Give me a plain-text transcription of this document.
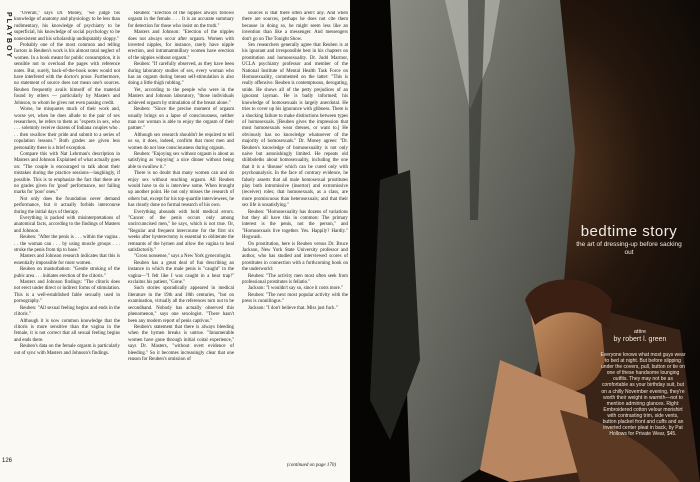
PLAYBOY	"Overall," says Dr. Money, "we judge his knowledge of anatomy and physiology to be less than rudimentary, his knowledge of psychiatry to be superficial, his knowledge of social psychology to be nonexistent and his scholarship undisputably sloppy."

Probably one of the most common and telling factors in Reuben's work is his almost total neglect of women. In a book meant for public consumption, it is sensible not to overload the pages with reference notes. But, surely, back-of-the-book notes would not have interfered with the doctor's prose. Furthermore, no statement of source does not mean one's sources. Reuben frequently avails himself of the material found by others — particularly by Masters and Johnson, to whom he gives not even passing credit.

Worse, he misquotes much of their work and, worse yet, when he does allude to the pair of sex researchers, he refers to them as "experts in sex, who . . . solemnly receive dozens of Indiana couples who . . . then swallow their pride and submit to a series of copulation lessons." Both grades are given less personality there is a brief exception.

Compare this with Nat Lehrman's description in Masters and Johnson Explained of what actually goes on: "The couple is encouraged to talk about their mistakes during the practice sessions—laughingly, if possible. This is to emphasize the fact that there are no grades given for 'good' performance, nor failing marks for 'poor' ones."

Not only does the foundation never demand performance, but it actually forbids intercourse during the initial days of therapy.

Everything is packed with misinterpretations of anatomical facts, according to the findings of Masters and Johnson.

Reuben: "After the penis is . . . within the vagina . . . the woman can . . . by using muscle groups . . . stroke the penis from tip to base."

Masters and Johnson research indicates that this is essentially impossible for most women.

Reuben on masturbation: "Gentle stroking of the pubic area . . . initiates erection of the clitoris."

Masters and Johnson findings: "The clitoris does not erect under direct or indirect forms of stimulation. This is a well-established fable sexually used in pornography."

Reuben: "All sexual feeling begins and ends in the clitoris."

Although it is now common knowledge that the clitoris is more sensitive than the vagina in the female, it is not correct that all sexual feeling begins and ends there.

Reuben's data on the female orgasm is particularly out of sync with Masters and Johnson's findings.

Reuben: "Erection of the nipples always follows orgasm in the female. . . . It is an accurate summary for detection for those who insist on the truth."

Masters and Johnson: "Erection of the nipples does not always occur after orgasm. Women with inverted nipples, for instance, rarely have nipple erection, and intramammillary women have erection of the nipples without orgasm."

Reuben: "If carefully observed, as they have been during laboratory studies of sex, every woman who has an orgasm during breast self-stimulation is also doing a little thigh rubbing."

Yet, according to the people who were in the Masters and Johnson laboratory, "those individuals achieved orgasm by stimulation of the breast alone."

Reuben: "Since the precise moment of orgasm usually brings on a lapse of consciousness, neither man nor woman is able to enjoy the orgasm of their partner."

Although sex research shouldn't be required to tell us so, it does, indeed, confirm that most men and women do not lose consciousness during orgasm.

Reuben: "Enjoying sex without orgasm is about as satisfying as 'enjoying' a nice dinner without being able to swallow it."

There is no doubt that many women can and do enjoy sex without reaching orgasm. All Reuben would have to do is interview some. When brought up another point. He not only misses the research of others but, except for his top-quartile interviewees, he has clearly done no formal research of his own.

Everything abounds with bold medical errors. "Cancer of the penis occurs only among uncircumcised men," he says, which is not true. Or, "Regular and frequent intercourse for the first six weeks after hysterectomy is essential to obliterate the remnants of the hymen and allow the vagina to heal satisfactorily."

"Gross nonsense," says a New York gynecologist.

Reuben has a great deal of fun describing an instance in which the male penis is "caught" in the vagina—"I felt like I was caught in a bear trap!" exclaims his patient, "Gone."

Such stories sporadically appeared in medical literature in the 19th and 18th centuries, "but on examination, virtually all the references turn out to be secondhand. Nobody has actually observed this phenomenon," says one sexologist. "There hasn't been any modern report of penis captivus."

Reuben's statement that there is always bleeding when the hymen breaks is untrue. "Innumerable women have gone through initial coital experience," says Dr. Masters, "without overt evidence of bleeding." So it becomes increasingly clear that one reason for Reuben's omission of

sources is that there often aren't any. And when there are sources, perhaps he does not cite them because in doing so, he might seem less like an invention than like a messenger. And messengers don't go on The Tonight Show.

Sex researchers generally agree that Reuben is at his ignorant and irresponsible best in his chapters on prostitution and homosexuality. Dr. Judd Marmor, UCLA psychiatry professor and member of the National Institute of Mental Health Task Force on Homosexuality, commented on the latter: "This is really offensive. Reuben is contemptuous, derogating, snide. He shows all of the petty prejudices of an ignorant layman. He is badly informed; his knowledge of homosexuals is largely anecdotal. He tries to cover up his ignorance with glibness. There is a shocking failure to make distinctions between types of homosexuals. [Reuben gives the impression that most homosexuals wear dresses, or want to.] He obviously has no knowledge whatsoever of the majority of homosexuals." Dr. Money agrees: "Dr. Reuben's knowledge of homosexuality is not only naive but astonishingly limited. He repeats old shibboleths about homosexuality, including the one that it is a 'disease' which can be cured only with psychoanalysis. In the face of contrary evidence, he falsely asserts that all male homosexual prostitutes play both intromissive (insertor) and extromissive (receiver) roles; that homosexuals, as a class, are more promiscuous than heterosexuals; and that their sex life is unsatisfying."

Reuben: "Homosexuality has dozens of variations but they all have this in common: The primary interest is the penis, not the person," and "Homosexuals live together. Yes. Happily? Hardly." Hogwash.

On prostitution, here is Reuben versus Dr. Bruce Jackson, New York State University professor and author, who has studied and interviewed scores of prostitutes in connection with a forthcoming book on the underworld:

Reuben: "The activity men most often seek from professional prostitutes is fellatio."

Jackson: "I wouldn't say so, since it costs more."

Reuben: "The next most popular activity with the press is cunnilingus."

Jackson: "I don't believe that. Miss just fuck."

126
(continued on page 170)
bedtime story
the art of dressing-up before sacking out
attire
by robert l. green
Everyone knows what most guys wear to bed at night. But before slipping under the covers, pull, button or tie on one of these handsome lounging outfits. They may not be as comfortable as your birthday suit, but on a chilly November evening, they're worth their weight in warmth—not to mention admiring glances. Right: Embroidered cotton velour morishirt with contrasting trim, side vents, button placket front and cuffs and an inverted center pleat in back, by Pat Hollows for Private Wear, $45.
